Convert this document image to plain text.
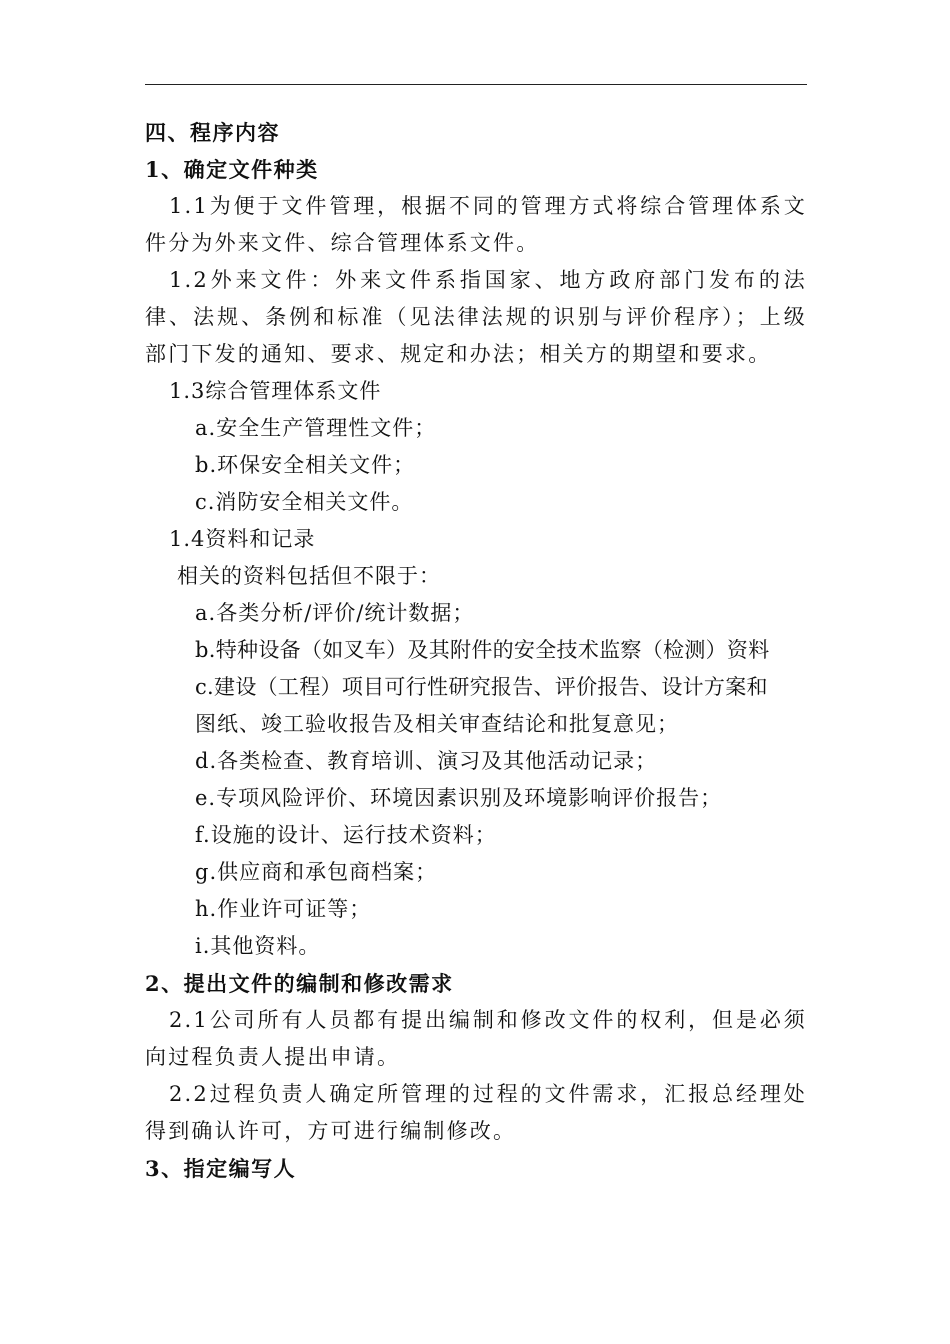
四、程序内容
1、确定文件种类

1.1为便于文件管理，根据不同的管理方式将综合管理体系文件分为外来文件、综合管理体系文件。

1.2外来文件：外来文件系指国家、地方政府部门发布的法律、法规、条例和标准（见法律法规的识别与评价程序）；上级部门下发的通知、要求、规定和办法；相关方的期望和要求。

1.3综合管理体系文件
a.安全生产管理性文件；
b.环保安全相关文件；
c.消防安全相关文件。
1.4资料和记录
相关的资料包括但不限于：
a.各类分析/评价/统计数据；
b.特种设备（如叉车）及其附件的安全技术监察（检测）资料
c.建设（工程）项目可行性研究报告、评价报告、设计方案和
图纸、竣工验收报告及相关审查结论和批复意见；
d.各类检查、教育培训、演习及其他活动记录；
e.专项风险评价、环境因素识别及环境影响评价报告；
f.设施的设计、运行技术资料；
g.供应商和承包商档案；
h.作业许可证等；
i.其他资料。
2、提出文件的编制和修改需求

2.1公司所有人员都有提出编制和修改文件的权利，但是必须向过程负责人提出申请。

2.2过程负责人确定所管理的过程的文件需求，汇报总经理处得到确认许可，方可进行编制修改。

3、指定编写人
